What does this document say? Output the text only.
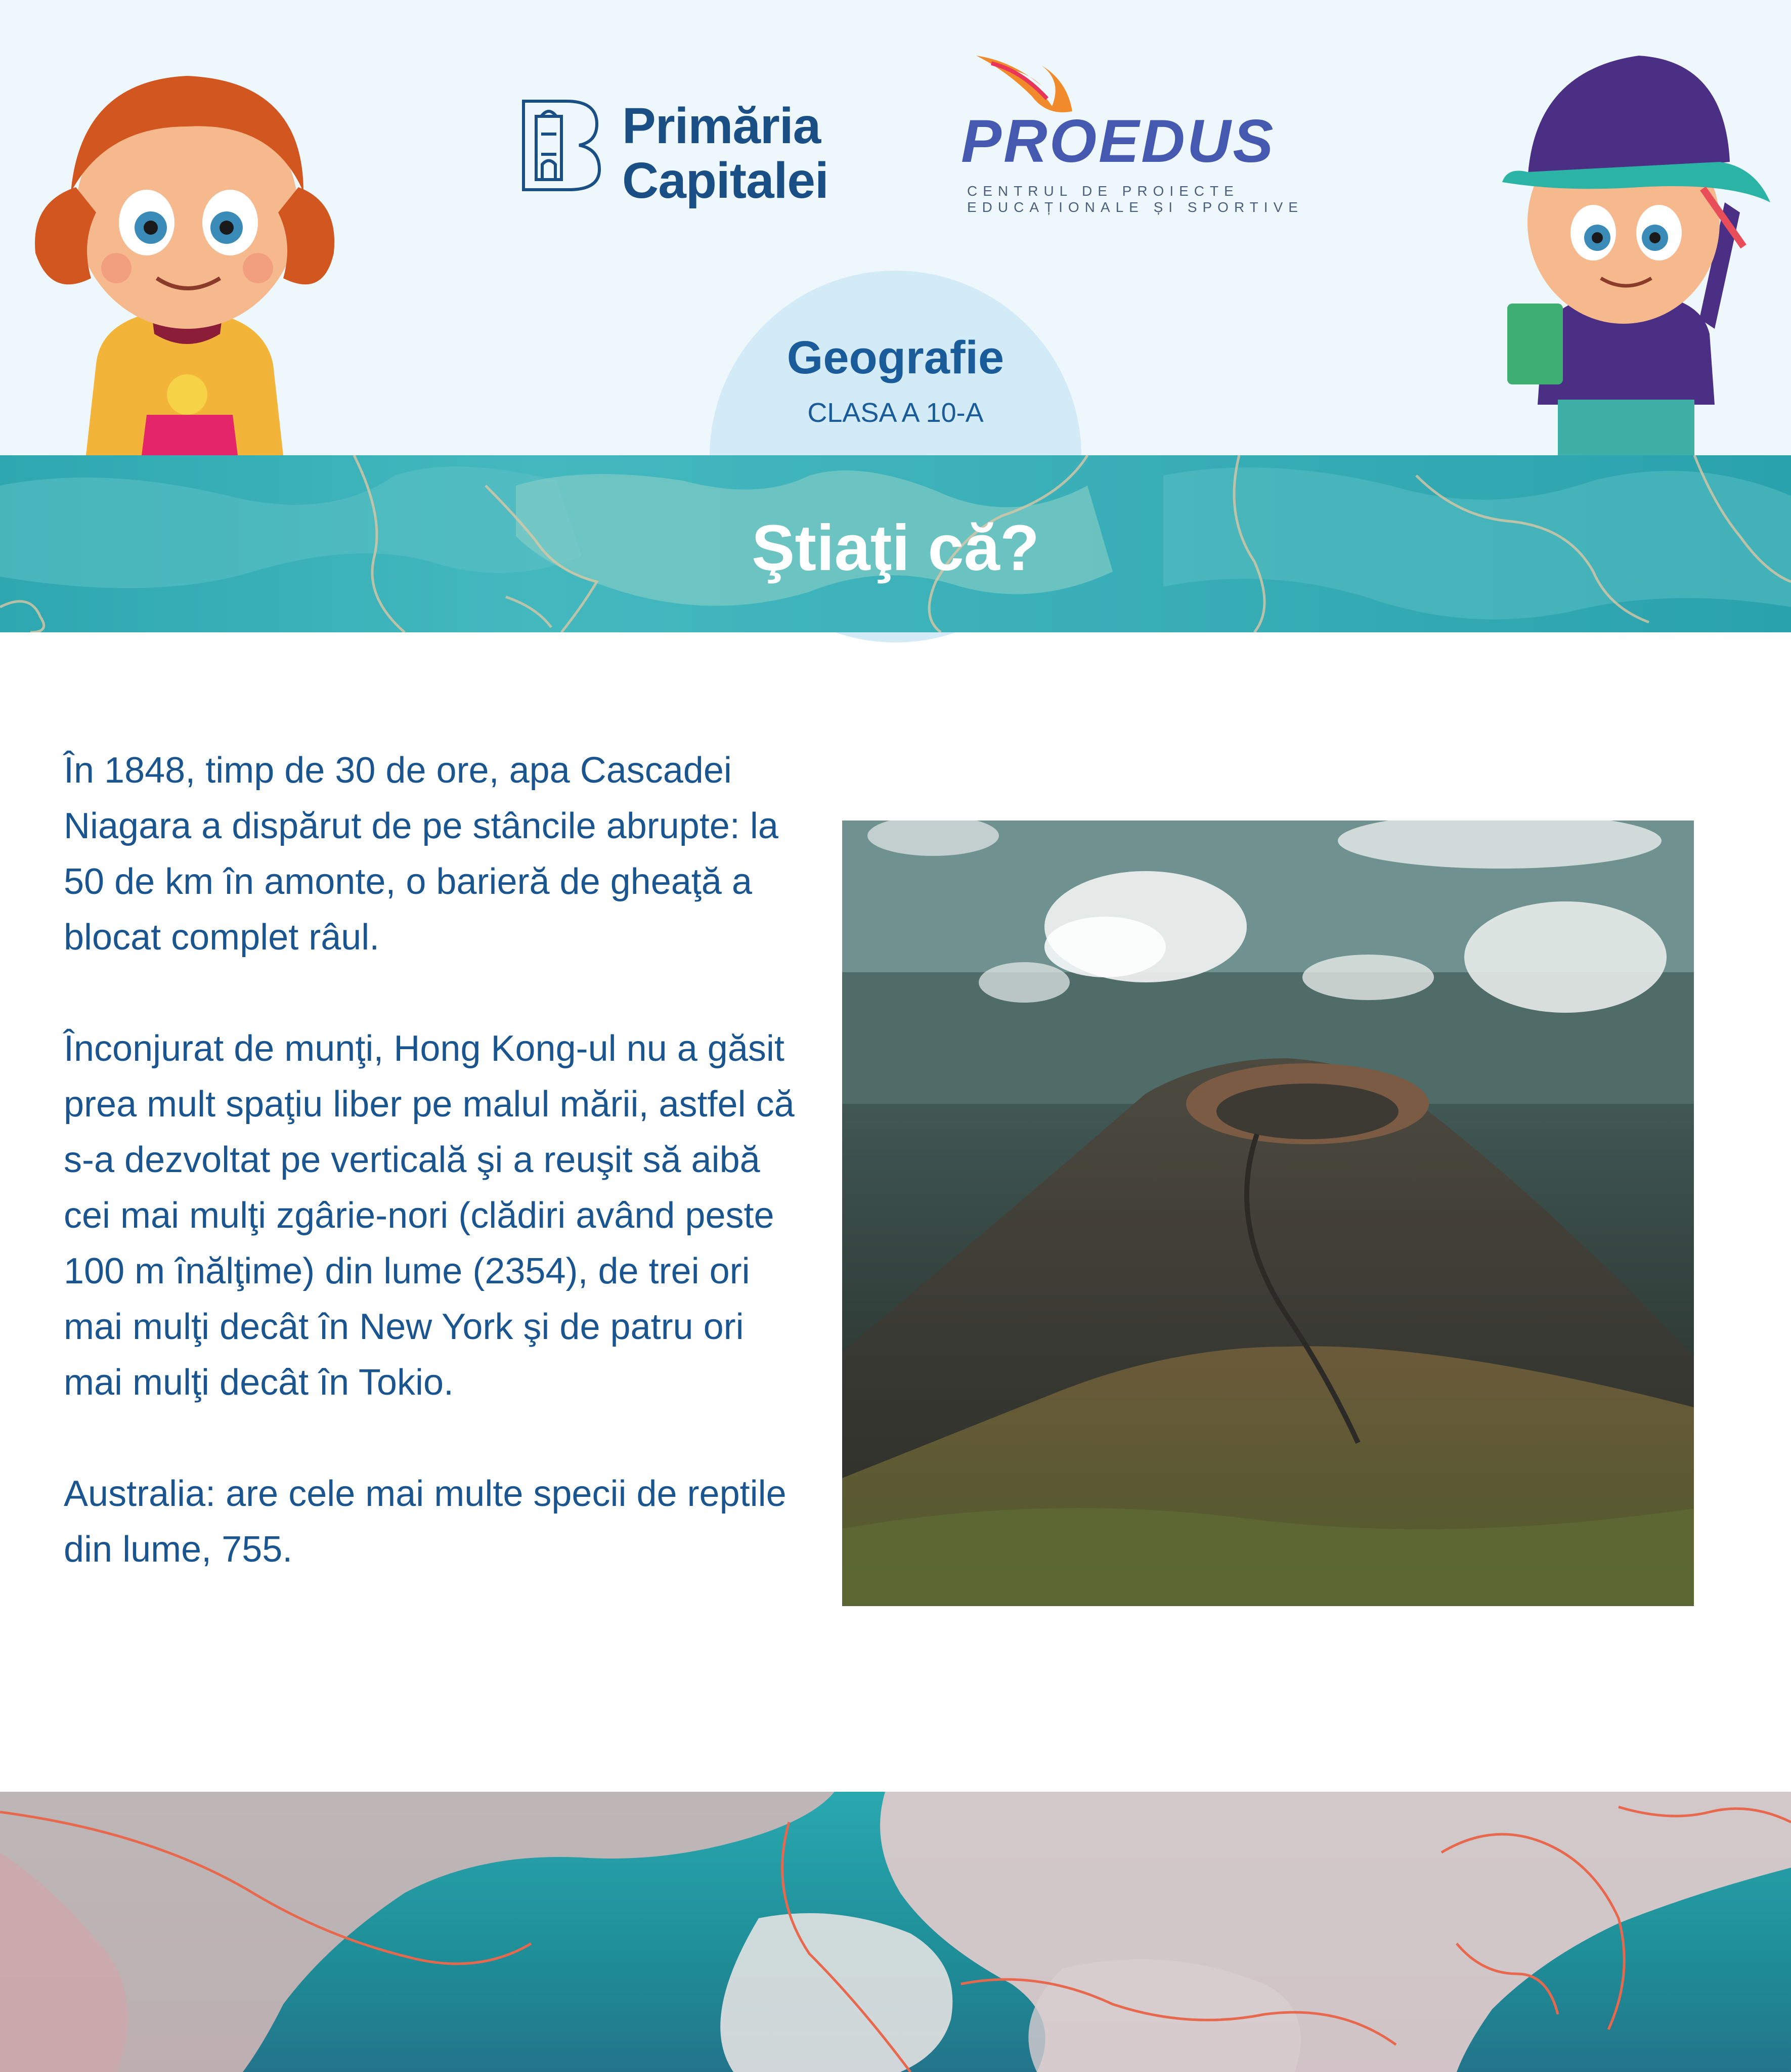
Primăria
Capitalei
PROEDUS
CENTRUL DE PROIECTE
EDUCAȚIONALE ȘI SPORTIVE
Geografie
CLASA A 10-A
Ştiaţi că?

În 1848, timp de 30 de ore, apa Cascadei Niagara a dispărut de pe stâncile abrupte: la 50 de km în amonte, o barieră de gheaţă a blocat complet râul.

Înconjurat de munţi, Hong Kong-ul nu a găsit prea mult spaţiu liber pe malul mării, astfel că s-a dezvoltat pe verticală şi a reuşit să aibă cei mai mulţi zgârie-nori (clădiri având peste 100 m înălţime) din lume (2354), de trei ori mai mulţi decât în New York şi de patru ori mai mulţi decât în Tokio.

Australia: are cele mai multe specii de reptile din lume, 755.
